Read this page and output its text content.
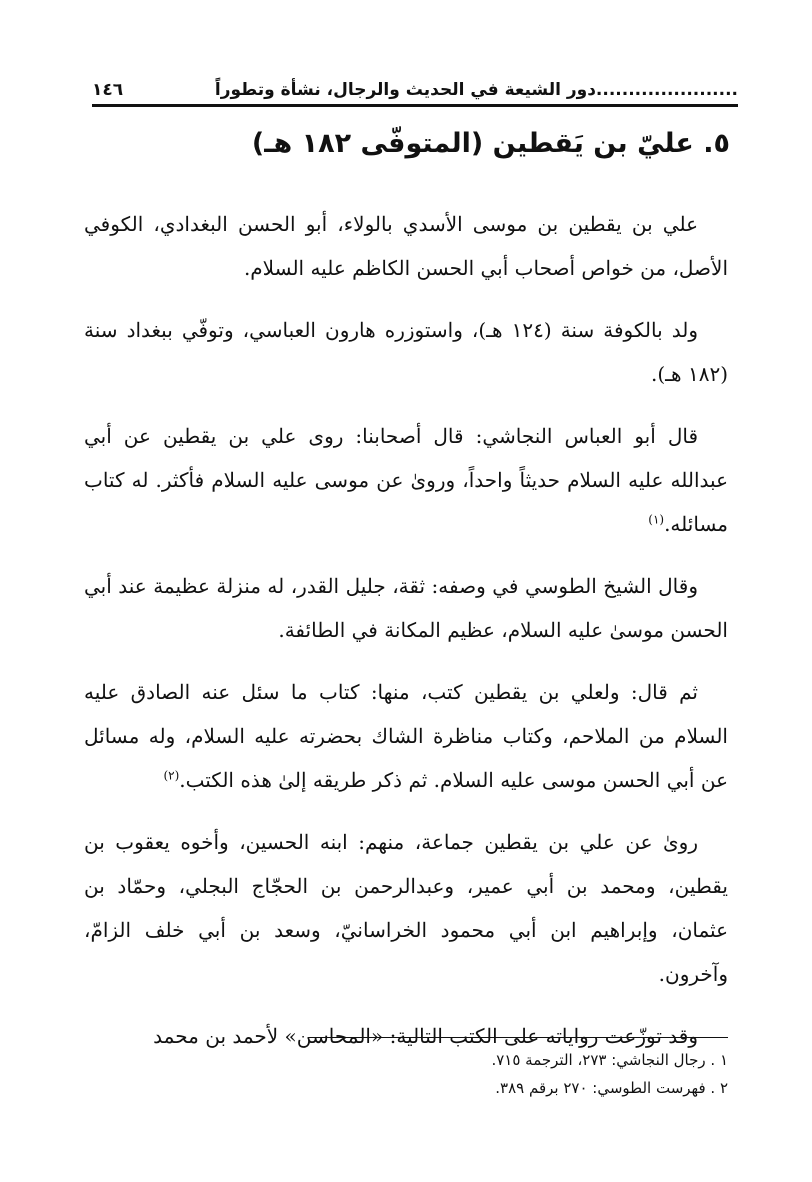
......................دور الشيعة في الحديث والرجال، نشأة وتطوراً
١٤٦
٥. عليّ بن يَقطين (المتوفّى ١٨٢ هـ)

علي بن يقطين بن موسى الأسدي بالولاء، أبو الحسن البغدادي، الكوفي الأصل، من خواص أصحاب أبي الحسن الكاظم عليه السلام.

ولد بالكوفة سنة (١٢٤ هـ)، واستوزره هارون العباسي، وتوفّي ببغداد سنة (١٨٢ هـ).

قال أبو العباس النجاشي: قال أصحابنا: روى علي بن يقطين عن أبي عبدالله عليه السلام حديثاً واحداً، وروىٰ عن موسى عليه السلام فأكثر. له كتاب مسائله.$^{(١)}$

وقال الشيخ الطوسي في وصفه: ثقة، جليل القدر، له منزلة عظيمة عند أبي الحسن موسىٰ عليه السلام، عظيم المكانة في الطائفة.

ثم قال: ولعلي بن يقطين كتب، منها: كتاب ما سئل عنه الصادق عليه السلام من الملاحم، وكتاب مناظرة الشاك بحضرته عليه السلام، وله مسائل عن أبي الحسن موسى عليه السلام. ثم ذكر طريقه إلىٰ هذه الكتب.$^{(٢)}$

روىٰ عن علي بن يقطين جماعة، منهم: ابنه الحسين، وأخوه يعقوب بن يقطين، ومحمد بن أبي عمير، وعبدالرحمن بن الحجّاج البجلي، وحمّاد بن عثمان، وإبراهيم ابن أبي محمود الخراسانيّ، وسعد بن أبي خلف الزامّ، وآخرون.

وقد توزّعت رواياته على الكتب التالية: «المحاسن» لأحمد بن محمد

١ . رجال النجاشي: ٢٧٣، الترجمة ٧١٥.
٢ . فهرست الطوسي: ٢٧٠ برقم ٣٨٩.
